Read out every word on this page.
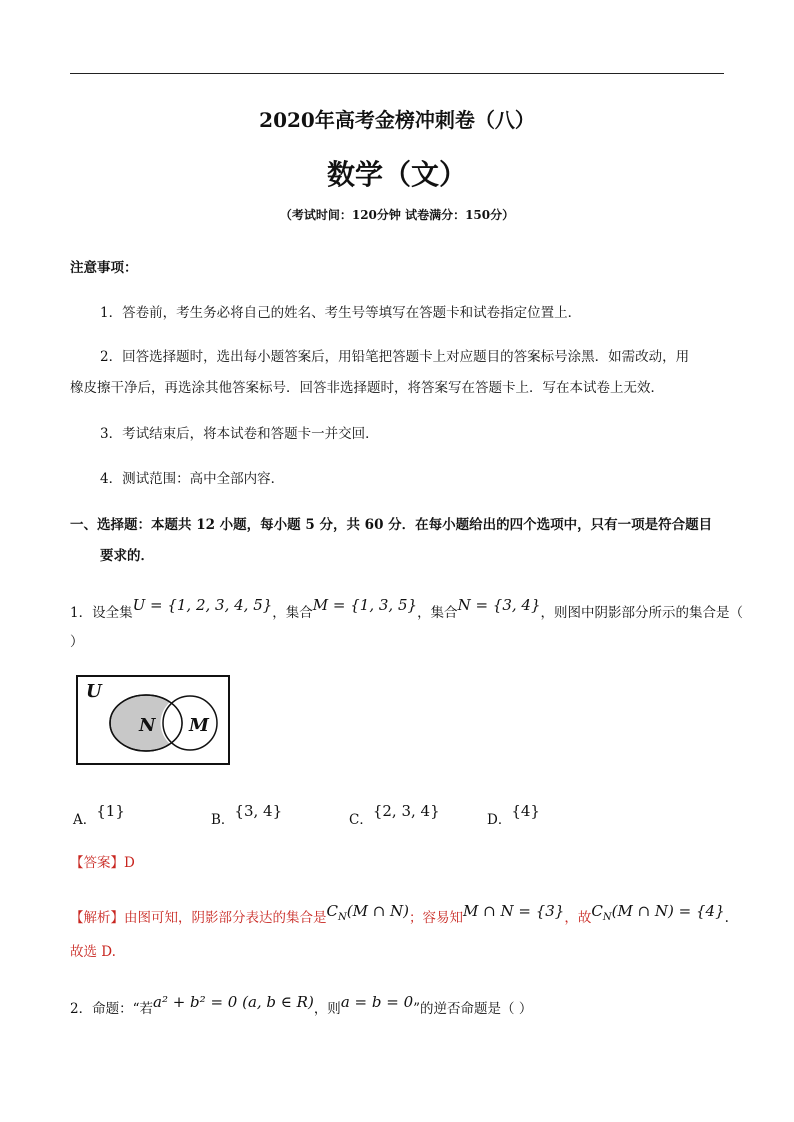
2020年高考金榜冲刺卷（八）
数学（文）
（考试时间：120分钟 试卷满分：150分）
注意事项：
1．答卷前，考生务必将自己的姓名、考生号等填写在答题卡和试卷指定位置上．
2．回答选择题时，选出每小题答案后，用铅笔把答题卡上对应题目的答案标号涂黑．如需改动，用
橡皮擦干净后，再选涂其他答案标号．回答非选择题时，将答案写在答题卡上．写在本试卷上无效．
3．考试结束后，将本试卷和答题卡一并交回．
4．测试范围：高中全部内容．
一、选择题：本题共 12 小题，每小题 5 分，共 60 分．在每小题给出的四个选项中，只有一项是符合题目
要求的．
1．设全集U = {1, 2, 3, 4, 5}，集合M = {1, 3, 5}，集合N = {3, 4}，则图中阴影部分所示的集合是（
）
U
N M
A．{1}	B．{3, 4}	C．{2, 3, 4}	D．{4}
【答案】D
【解析】由图可知，阴影部分表达的集合是$C_N(M$ ∩ N)；容易知M ∩ N = {3}，故$C_N(M$ ∩ N) = {4}.
故选 D.
2．命题：“若a² + b² = 0 (a, b ∈ R)，则a = b = 0”的逆否命题是（ ）
